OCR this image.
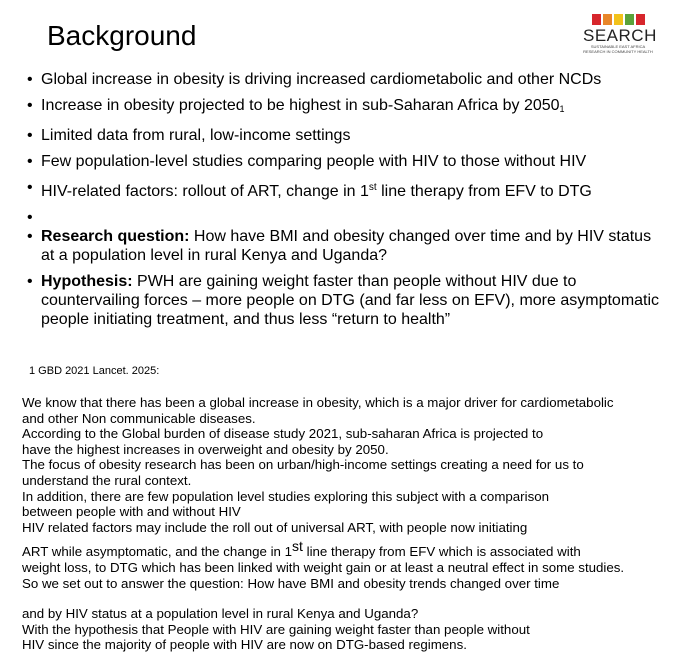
Background	SEARCH
SUSTAINABLE EAST AFRICA RESEARCH IN COMMUNITY HEALTH
• Global increase in obesity is driving increased cardiometabolic and other NCDs
• Increase in obesity projected to be highest in sub-Saharan Africa by 20501
• Limited data from rural, low-income settings
• Few population-level studies comparing people with HIV to those without HIV
• HIV-related factors: rollout of ART, change in 1st line therapy from EFV to DTG
•
• Research question: How have BMI and obesity changed over time and by HIV status at a population level in rural Kenya and Uganda?
• Hypothesis: PWH are gaining weight faster than people without HIV due to countervailing forces – more people on DTG (and far less on EFV), more asymptomatic people initiating treatment, and thus less “return to health”
1 GBD 2021 Lancet. 2025:
We know that there has been a global increase in obesity, which is a major driver for cardiometabolic
and other Non communicable diseases.
According to the Global burden of disease study 2021, sub-saharan Africa is projected to
have the highest increases in overweight and obesity by 2050.
The focus of obesity research has been on urban/high-income settings creating a need for us to
understand the rural context.
In addition, there are few population level studies exploring this subject with a comparison
between people with and without HIV
HIV related factors may include the roll out of universal ART, with people now initiating
ART while asymptomatic, and the change in 1st line therapy from EFV which is associated with
weight loss, to DTG which has been linked with weight gain or at least a neutral effect in some studies.
So we set out to answer the question: How have BMI and obesity trends changed over time
and by HIV status at a population level in rural Kenya and Uganda?
With the hypothesis that People with HIV are gaining weight faster than people without
HIV since the majority of people with HIV are now on DTG-based regimens.
